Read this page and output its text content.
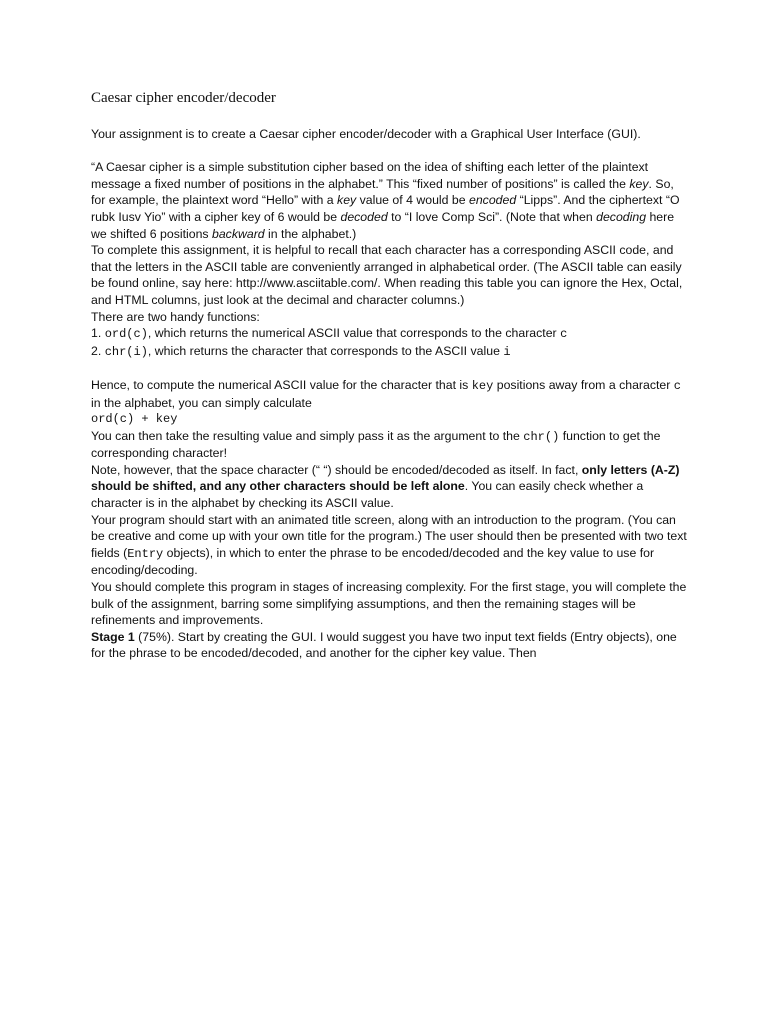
Caesar cipher encoder/decoder

Your assignment is to create a Caesar cipher encoder/decoder with a Graphical User Interface (GUI).

“A Caesar cipher is a simple substitution cipher based on the idea of shifting each letter of the plaintext message a fixed number of positions in the alphabet.” This “fixed number of positions” is called the key. So, for example, the plaintext word “Hello” with a key value of 4 would be encoded “Lipps”. And the ciphertext “O rubk Iusv Yio” with a cipher key of 6 would be decoded to “I love Comp Sci”. (Note that when decoding here we shifted 6 positions backward in the alphabet.)

To complete this assignment, it is helpful to recall that each character has a corresponding ASCII code, and that the letters in the ASCII table are conveniently arranged in alphabetical order. (The ASCII table can easily be found online, say here: http://www.asciitable.com/. When reading this table you can ignore the Hex, Octal, and HTML columns, just look at the decimal and character columns.)

There are two handy functions:

1. ord(c), which returns the numerical ASCII value that corresponds to the character c

2. chr(i), which returns the character that corresponds to the ASCII value i

Hence, to compute the numerical ASCII value for the character that is key positions away from a character c in the alphabet, you can simply calculate

ord(c) + key

You can then take the resulting value and simply pass it as the argument to the chr() function to get the corresponding character!

Note, however, that the space character (“ “) should be encoded/decoded as itself. In fact, only letters (A-Z) should be shifted, and any other characters should be left alone. You can easily check whether a character is in the alphabet by checking its ASCII value.

Your program should start with an animated title screen, along with an introduction to the program. (You can be creative and come up with your own title for the program.) The user should then be presented with two text fields (Entry objects), in which to enter the phrase to be encoded/decoded and the key value to use for encoding/decoding.

You should complete this program in stages of increasing complexity. For the first stage, you will complete the bulk of the assignment, barring some simplifying assumptions, and then the remaining stages will be refinements and improvements.

Stage 1 (75%). Start by creating the GUI. I would suggest you have two input text fields (Entry objects), one for the phrase to be encoded/decoded, and another for the cipher key value. Then
